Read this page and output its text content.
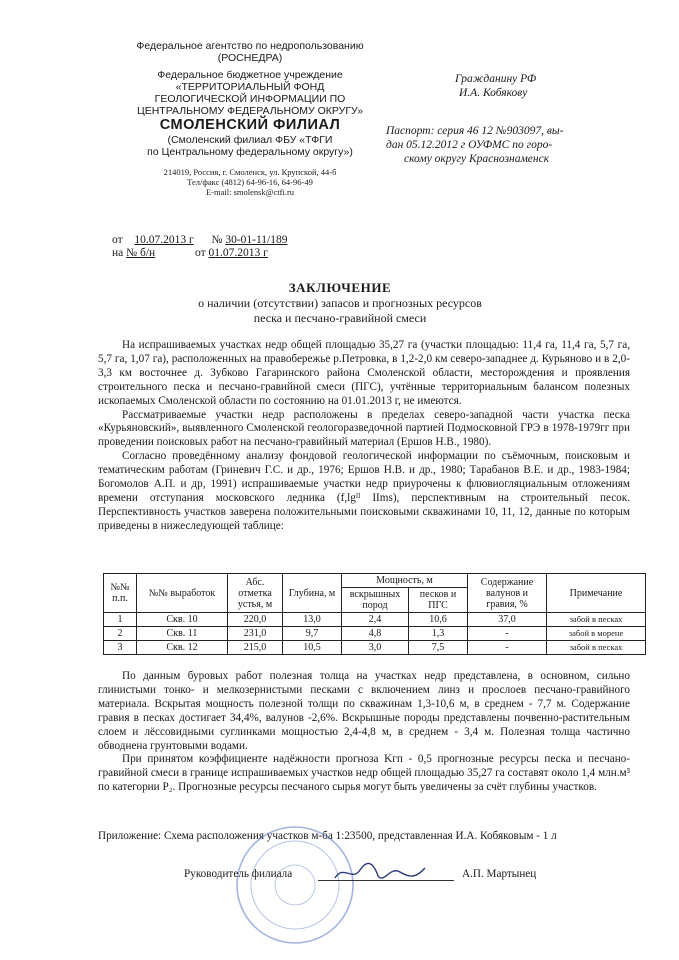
Федеральное агентство по недропользованию
(РОСНЕДРА)
Федеральное бюджетное учреждение
«ТЕРРИТОРИАЛЬНЫЙ ФОНД
ГЕОЛОГИЧЕСКОЙ ИНФОРМАЦИИ ПО
ЦЕНТРАЛЬНОМУ ФЕДЕРАЛЬНОМУ ОКРУГУ»
СМОЛЕНСКИЙ ФИЛИАЛ
(Смоленский филиал ФБУ «ТФГИ
по Центральному федеральному округу»)
214019, Россия, г. Смоленск, ул. Крупской, 44-б
Тел/факс (4812) 64-96-16, 64-96-49
E-mail: smolensk@ctfi.ru
Гражданину РФ
И.А. Кобякову
Паспорт: серия 46 12 №903097, вы-
дан 05.12.2012 г ОУФМС по горо-
скому округу Краснознаменск
от 10.07.2013 г № 30-01-11/189
на № б/н	от 01.07.2013 г
ЗАКЛЮЧЕНИЕ
о наличии (отсутствии) запасов и прогнозных ресурсов
песка и песчано-гравийной смеси

На испрашиваемых участках недр общей площадью 35,27 га (участки площадью: 11,4 га, 11,4 га, 5,7 га, 5,7 га, 1,07 га), расположенных на правобережье р.Петровка, в 1,2-2,0 км северо-западнее д. Курьяново и в 2,0-3,3 км восточнее д. Зубково Гагаринского района Смоленской области, месторождения и проявления строительного песка и песчано-гравийной смеси (ПГС), учтённые территориальным балансом полезных ископаемых Смоленской области по состоянию на 01.01.2013 г, не имеются.

Рассматриваемые участки недр расположены в пределах северо-западной части участка песка «Курьяновский», выявленного Смоленской геологоразведочной партией Подмосковной ГРЭ в 1978-1979гг при проведении поисковых работ на песчано-гравийный материал (Ершов Н.В., 1980).

Согласно проведённому анализу фондовой геологической информации по съёмочным, поисковым и тематическим работам (Гриневич Г.С. и др., 1976; Ершов Н.В. и др., 1980; Тарабанов В.Е. и др., 1983-1984; Богомолов А.П. и др, 1991) испрашиваемые участки недр приурочены к флювиогляциальным отложениям времени отступания московского ледника (f,lgᴵᴵ IIms), перспективным на строительный песок. Перспективность участков заверена положительными поисковыми скважинами 10, 11, 12, данные по которым приведены в нижеследующей таблице:

№№ п.п.	№№ выработок	Абс. отметка устья, м	Глубина, м	Мощность, м		Содержание валунов и гравия, %	Примечание
				вскрышных пород	песков и ПГС		
1	Скв. 10	220,0	13,0	2,4	10,6	37,0	забой в песках
2	Скв. 11	231,0	9,7	4,8	1,3	-	забой в морене
3	Скв. 12	215,0	10,5	3,0	7,5	-	забой в песках

По данным буровых работ полезная толща на участках недр представлена, в основном, сильно глинистыми тонко- и мелкозернистыми песками с включением линз и прослоев песчано-гравийного материала. Вскрытая мощность полезной толщи по скважинам 1,3-10,6 м, в среднем - 7,7 м. Содержание гравия в песках достигает 34,4%, валунов -2,6%. Вскрышные породы представлены почвенно-растительным слоем и лёссовидными суглинками мощностью 2,4-4,8 м, в среднем - 3,4 м. Полезная толща частично обводнена грунтовыми водами.

При принятом коэффициенте надёжности прогноза Kгп - 0,5 прогнозные ресурсы песка и песчано-гравийной смеси в границе испрашиваемых участков недр общей площадью 35,27 га составят около 1,4 млн.м³ по категории P₂. Прогнозные ресурсы песчаного сырья могут быть увеличены за счёт глубины участков.

Приложение: Схема расположения участков м-ба 1:23500, представленная И.А. Кобяковым - 1 л
Руководитель филиала	А.П. Мартынец
